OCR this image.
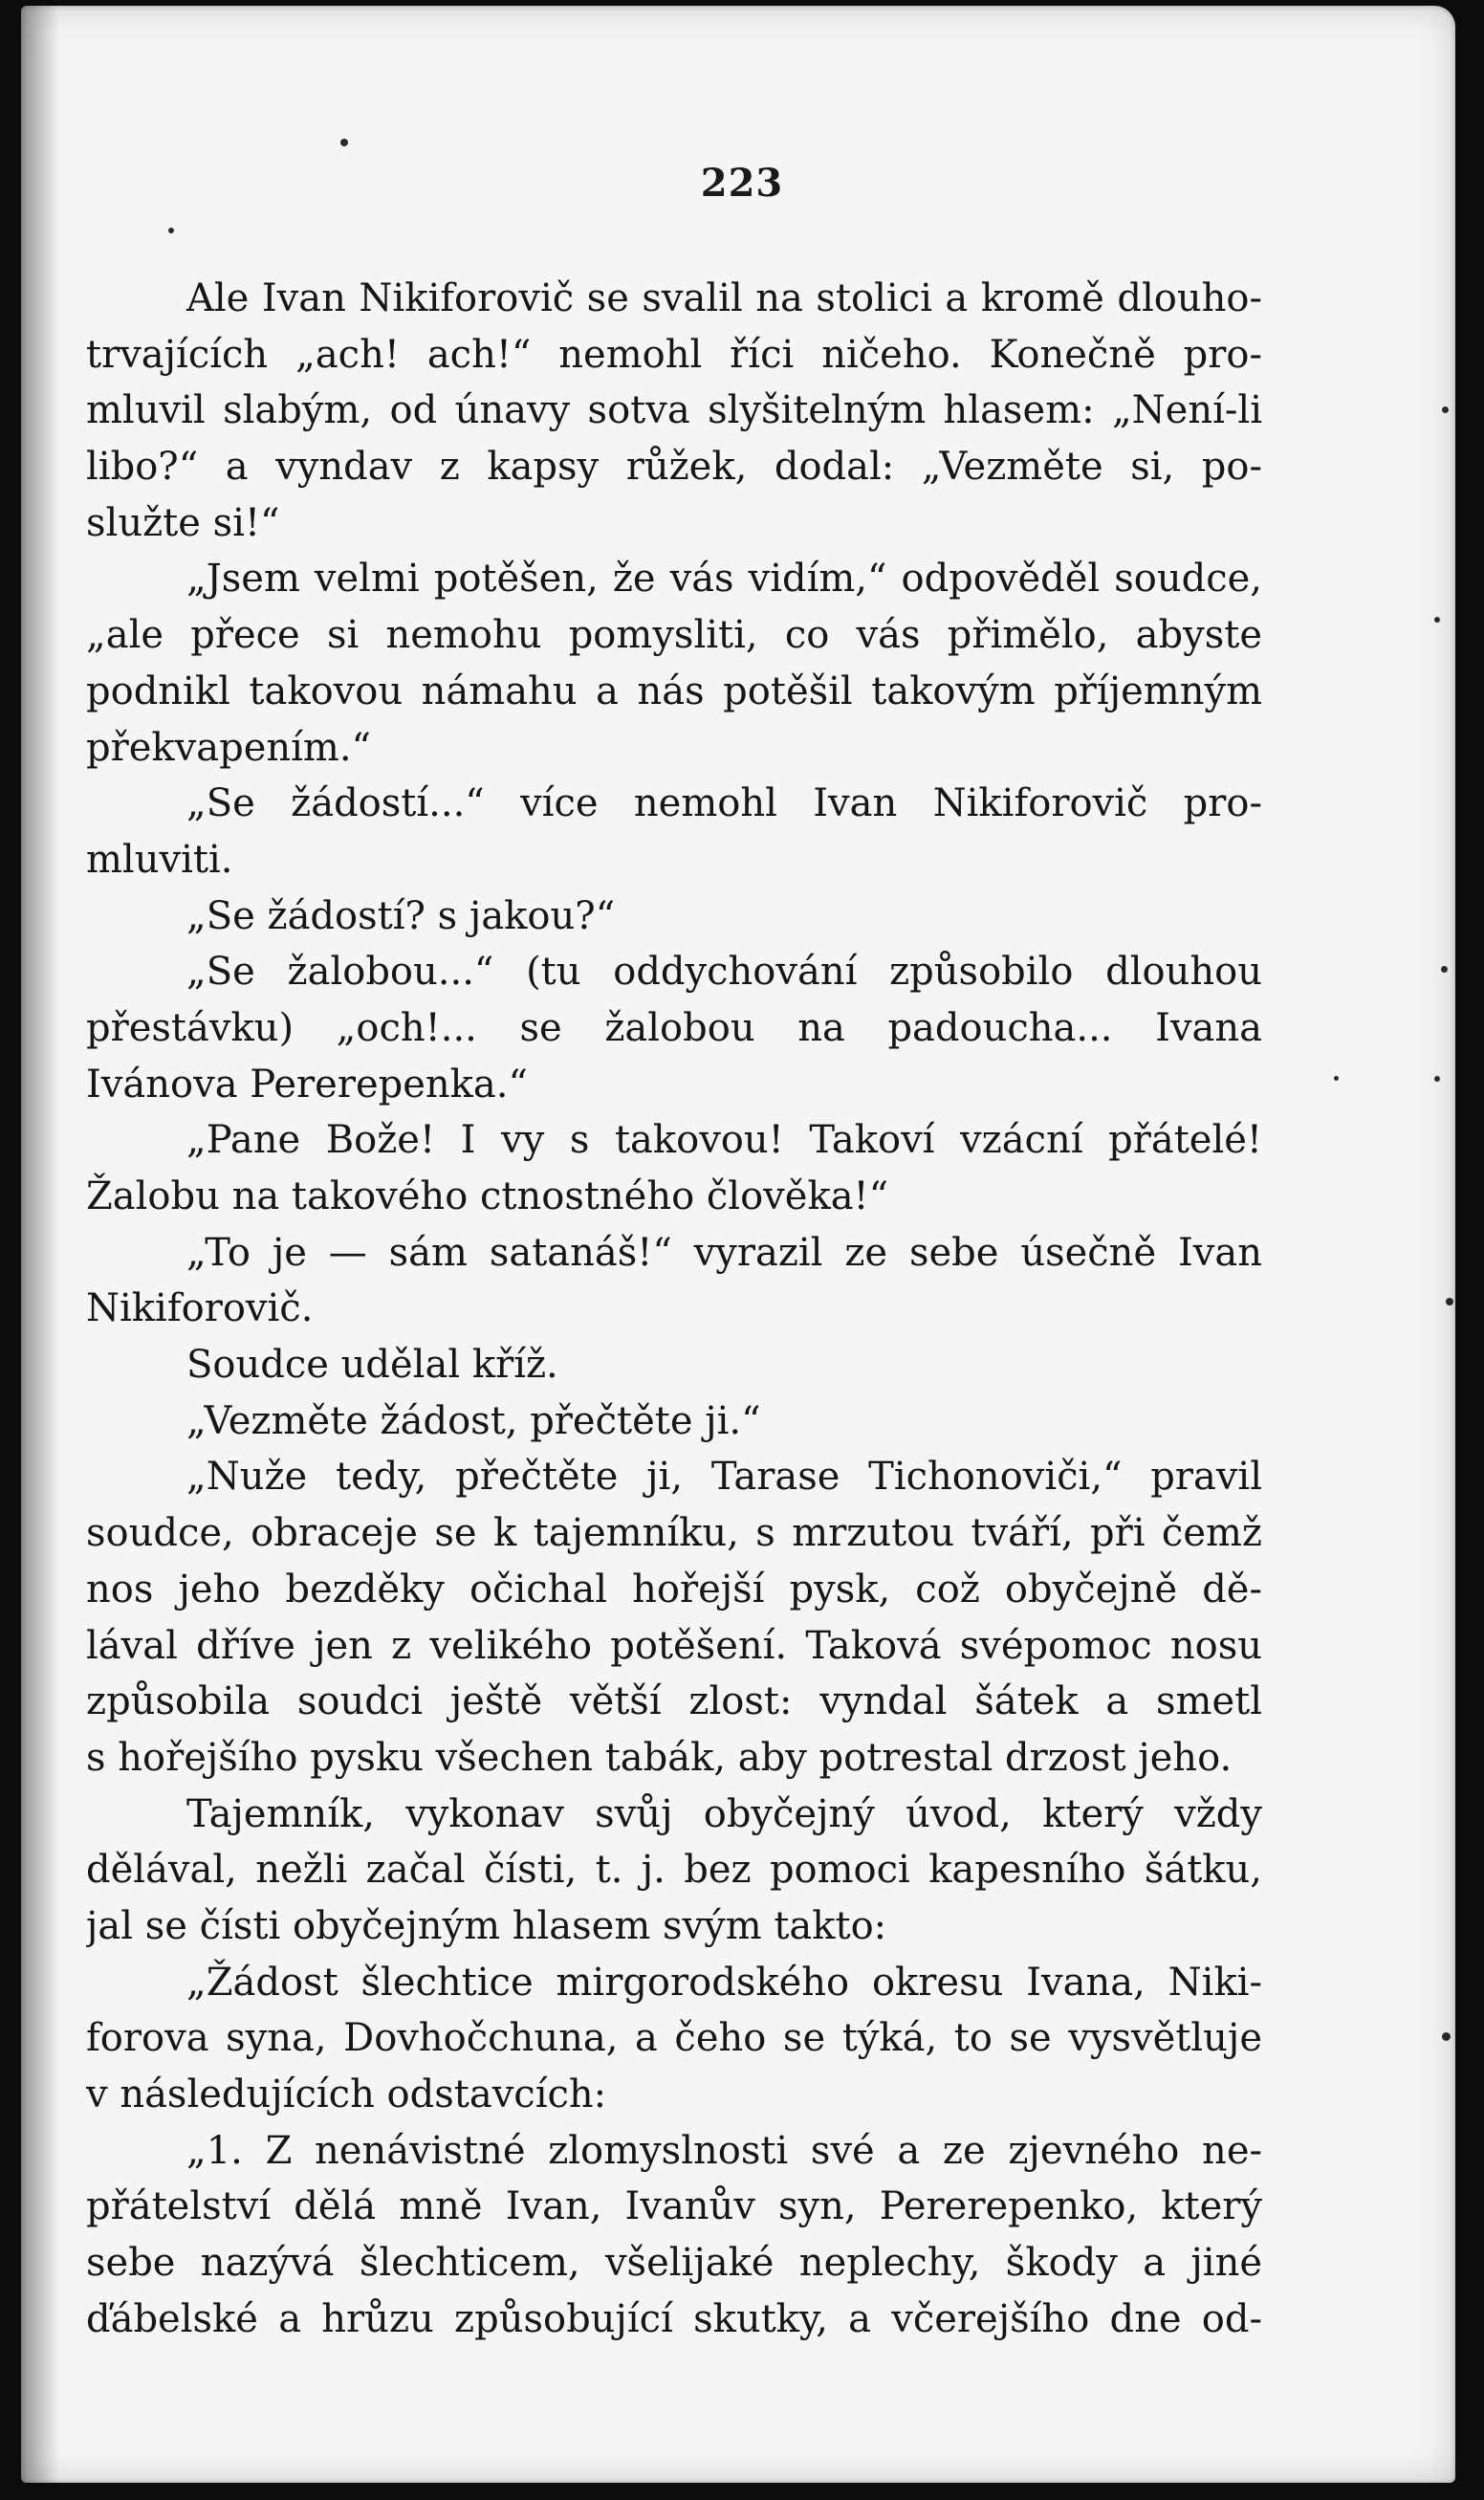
223
Ale Ivan Nikiforovič se svalil na stolici a kromě dlouho-
trvajících „ach! ach!“ nemohl říci ničeho. Konečně pro-
mluvil slabým, od únavy sotva slyšitelným hlasem: „Není-li
libo?“ a vyndav z kapsy růžek, dodal: „Vezměte si, po-
služte si!“
„Jsem velmi potěšen, že vás vidím,“ odpověděl soudce,
„ale přece si nemohu pomysliti, co vás přimělo, abyste
podnikl takovou námahu a nás potěšil takovým příjemným
překvapením.“
„Se žádostí...“ více nemohl Ivan Nikiforovič pro-
mluviti.
„Se žádostí? s jakou?“
„Se žalobou...“ (tu oddychování způsobilo dlouhou
přestávku) „och!... se žalobou na padoucha... Ivana
Ivánova Pererepenka.“
„Pane Bože! I vy s takovou! Takoví vzácní přátelé!
Žalobu na takového ctnostného člověka!“
„To je — sám satanáš!“ vyrazil ze sebe úsečně Ivan
Nikiforovič.
Soudce udělal kříž.
„Vezměte žádost, přečtěte ji.“
„Nuže tedy, přečtěte ji, Tarase Tichonoviči,“ pravil
soudce, obraceje se k tajemníku, s mrzutou tváří, při čemž
nos jeho bezděky očichal hořejší pysk, což obyčejně dě-
lával dříve jen z velikého potěšení. Taková svépomoc nosu
způsobila soudci ještě větší zlost: vyndal šátek a smetl
s hořejšího pysku všechen tabák, aby potrestal drzost jeho.
Tajemník, vykonav svůj obyčejný úvod, který vždy
dělával, nežli začal čísti, t. j. bez pomoci kapesního šátku,
jal se čísti obyčejným hlasem svým takto:
„Žádost šlechtice mirgorodského okresu Ivana, Niki-
forova syna, Dovhočchuna, a čeho se týká, to se vysvětluje
v následujících odstavcích:
„1. Z nenávistné zlomyslnosti své a ze zjevného ne-
přátelství dělá mně Ivan, Ivanův syn, Pererepenko, který
sebe nazývá šlechticem, všelijaké neplechy, škody a jiné
ďábelské a hrůzu způsobující skutky, a včerejšího dne od-
